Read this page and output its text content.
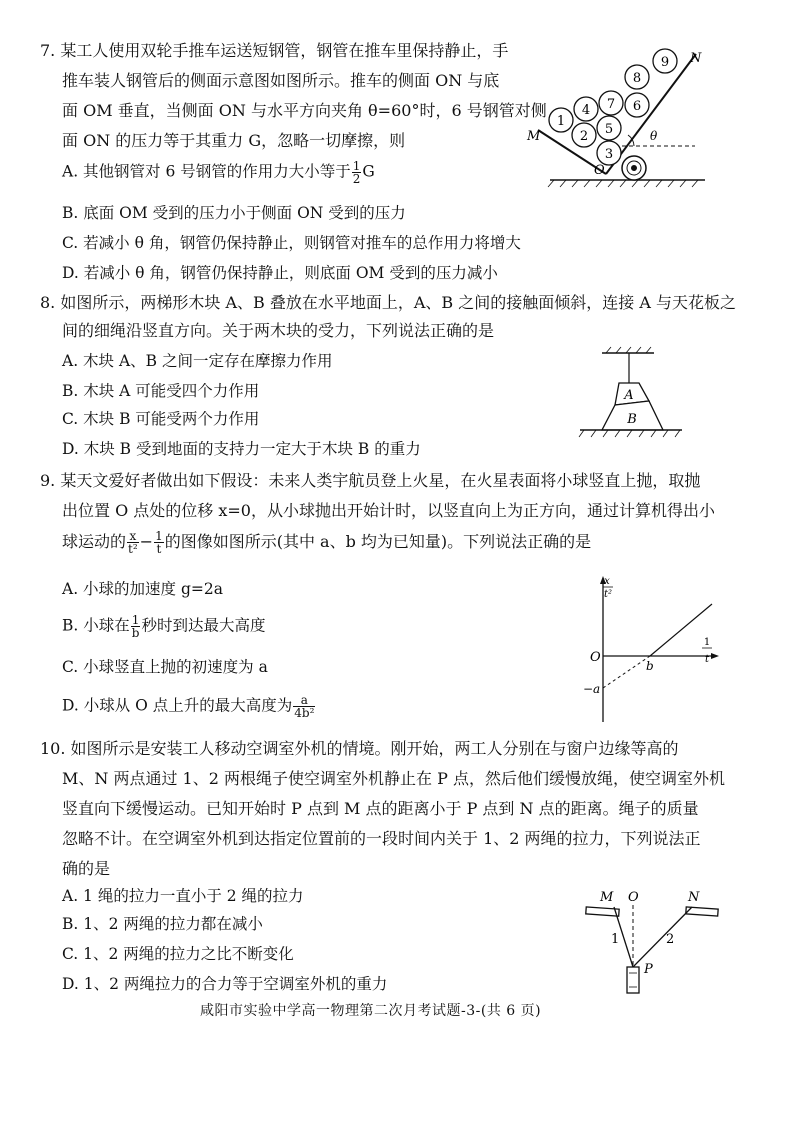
7. 某工人使用双轮手推车运送短钢管，钢管在推车里保持静止，手
推车装人钢管后的侧面示意图如图所示。推车的侧面 ON 与底
面 OM 垂直，当侧面 ON 与水平方向夹角 θ=60°时，6 号钢管对侧
面 ON 的压力等于其重力 G，忽略一切摩擦，则
A. 其他钢管对 6 号钢管的作用力大小等于 $\frac{1}{2}$ G
B. 底面 OM 受到的压力小于侧面 ON 受到的压力
C. 若减小 θ 角，钢管仍保持静止，则钢管对推车的总作用力将增大
D. 若减小 θ 角，钢管仍保持静止，则底面 OM 受到的压力减小
1
2
3
4
5
6
7
8
9 N
M
O
θ
8. 如图所示，两梯形木块 A、B 叠放在水平地面上，A、B 之间的接触面倾斜，连接 A 与天花板之
间的细绳沿竖直方向。关于两木块的受力，下列说法正确的是
A. 木块 A、B 之间一定存在摩擦力作用
B. 木块 A 可能受四个力作用
C. 木块 B 可能受两个力作用
D. 木块 B 受到地面的支持力一定大于木块 B 的重力
A
B
9. 某天文爱好者做出如下假设：未来人类宇航员登上火星，在火星表面将小球竖直上抛，取抛
出位置 O 点处的位移 x=0，从小球抛出开始计时，以竖直向上为正方向，通过计算机得出小
球运动的 $\frac{x}{\text{t²}} - \frac{1}{t}$ 的图像如图所示(其中 a、b 均为已知量)。下列说法正确的是
A. 小球的加速度 g=2a
B. 小球在 $\frac{1}{b}$ 秒时到达最大高度
C. 小球竖直上抛的初速度为 a
D. 小球从 O 点上升的最大高度为 $\frac{a}{\text{4b²}}$
x
t²
1
t
O
b
−a
10. 如图所示是安装工人移动空调室外机的情境。刚开始，两工人分别在与窗户边缘等高的
M、N 两点通过 1、2 两根绳子使空调室外机静止在 P 点，然后他们缓慢放绳，使空调室外机
竖直向下缓慢运动。已知开始时 P 点到 M 点的距离小于 P 点到 N 点的距离。绳子的质量
忽略不计。在空调室外机到达指定位置前的一段时间内关于 1、2 两绳的拉力，下列说法正
确的是
A. 1 绳的拉力一直小于 2 绳的拉力
B. 1、2 两绳的拉力都在减小
C. 1、2 两绳的拉力之比不断变化
D. 1、2 两绳拉力的合力等于空调室外机的重力
M O	N
1	2
P
咸阳市实验中学高一物理第二次月考试题-3-(共 6 页)
